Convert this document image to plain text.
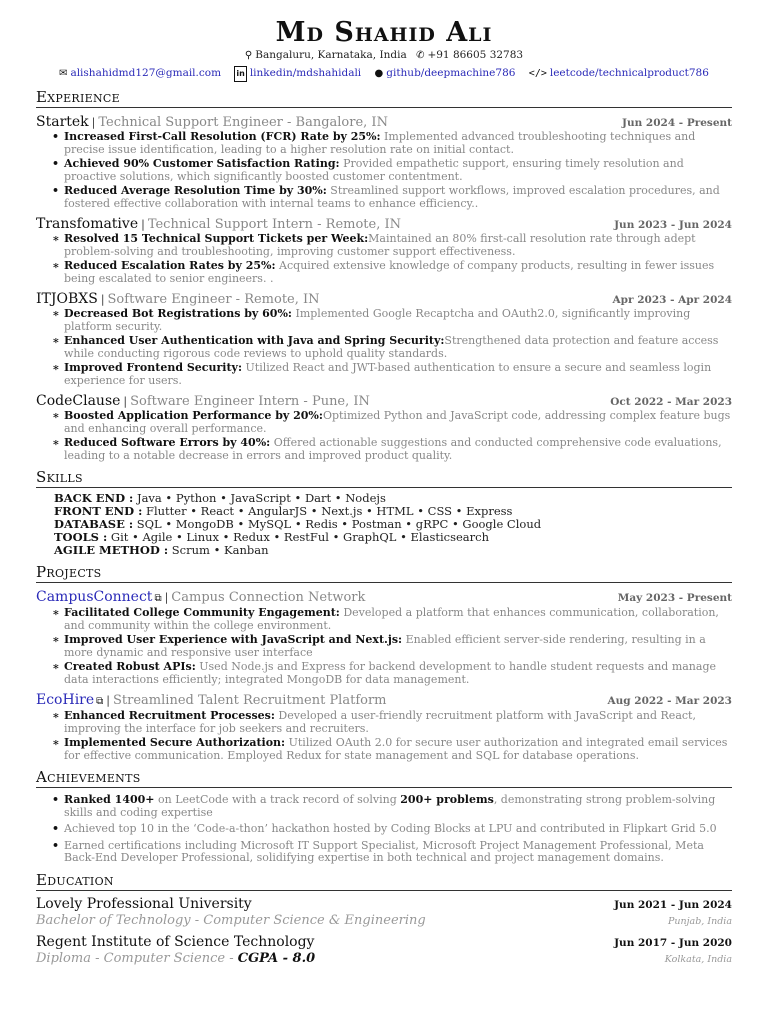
Md Shahid Ali
⚲ Bangaluru, Karnataka, India ✆ +91 86605 32783
✉ alishahidmd127@gmail.com in linkedin/mdshahidali ● github/deepmachine786 </> leetcode/technicalproduct786
Experience
Startek | Technical Support Engineer - Bangalore, IN	Jun 2024 - Present
• Increased First-Call Resolution (FCR) Rate by 25%: Implemented advanced troubleshooting techniques and precise issue identification, leading to a higher resolution rate on initial contact.
• Achieved 90% Customer Satisfaction Rating: Provided empathetic support, ensuring timely resolution and proactive solutions, which significantly boosted customer contentment.
• Reduced Average Resolution Time by 30%: Streamlined support workflows, improved escalation procedures, and fostered effective collaboration with internal teams to enhance efficiency..
Transfomative | Technical Support Intern - Remote, IN	Jun 2023 - Jun 2024
∗ Resolved 15 Technical Support Tickets per Week:Maintained an 80% first-call resolution rate through adept problem-solving and troubleshooting, improving customer support effectiveness.
∗ Reduced Escalation Rates by 25%: Acquired extensive knowledge of company products, resulting in fewer issues being escalated to senior engineers. .
ITJOBXS | Software Engineer - Remote, IN	Apr 2023 - Apr 2024
∗ Decreased Bot Registrations by 60%: Implemented Google Recaptcha and OAuth2.0, significantly improving platform security.
∗ Enhanced User Authentication with Java and Spring Security:Strengthened data protection and feature access while conducting rigorous code reviews to uphold quality standards.
∗ Improved Frontend Security: Utilized React and JWT-based authentication to ensure a secure and seamless login experience for users.
CodeClause | Software Engineer Intern - Pune, IN	Oct 2022 - Mar 2023
∗ Boosted Application Performance by 20%:Optimized Python and JavaScript code, addressing complex feature bugs and enhancing overall performance.
∗ Reduced Software Errors by 40%: Offered actionable suggestions and conducted comprehensive code evaluations, leading to a notable decrease in errors and improved product quality.
Skills
BACK END : Java • Python • JavaScript • Dart • Nodejs
FRONT END : Flutter • React • AngularJS • Next.js • HTML • CSS • Express
DATABASE : SQL • MongoDB • MySQL • Redis • Postman • gRPC • Google Cloud
TOOLS : Git • Agile • Linux • Redux • RestFul • GraphQL • Elasticsearch
AGILE METHOD : Scrum • Kanban
Projects
CampusConnect ⧉ | Campus Connection Network	May 2023 - Present
∗ Facilitated College Community Engagement: Developed a platform that enhances communication, collaboration, and community within the college environment.
∗ Improved User Experience with JavaScript and Next.js: Enabled efficient server-side rendering, resulting in a more dynamic and responsive user interface
∗ Created Robust APIs: Used Node.js and Express for backend development to handle student requests and manage data interactions efficiently; integrated MongoDB for data management.
EcoHire ⧉ | Streamlined Talent Recruitment Platform	Aug 2022 - Mar 2023
∗ Enhanced Recruitment Processes: Developed a user-friendly recruitment platform with JavaScript and React, improving the interface for job seekers and recruiters.
∗ Implemented Secure Authorization: Utilized OAuth 2.0 for secure user authorization and integrated email services for effective communication. Employed Redux for state management and SQL for database operations.
Achievements
• Ranked 1400+ on LeetCode with a track record of solving 200+ problems, demonstrating strong problem-solving skills and coding expertise
• Achieved top 10 in the ‘Code-a-thon’ hackathon hosted by Coding Blocks at LPU and contributed in Flipkart Grid 5.0
• Earned certifications including Microsoft IT Support Specialist, Microsoft Project Management Professional, Meta Back-End Developer Professional, solidifying expertise in both technical and project management domains.
Education
Lovely Professional University	Jun 2021 - Jun 2024
Bachelor of Technology - Computer Science & Engineering	Punjab, India
Regent Institute of Science Technology	Jun 2017 - Jun 2020
Diploma - Computer Science - CGPA - 8.0	Kolkata, India
